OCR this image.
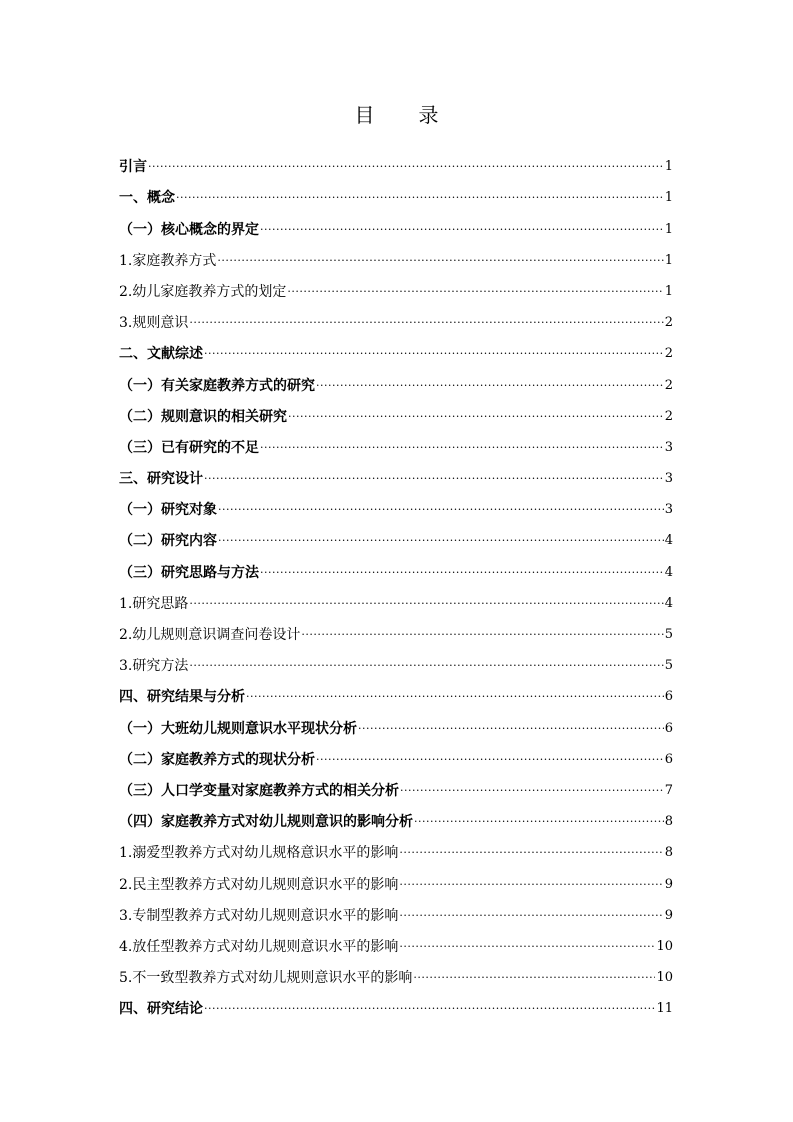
目 录
引言 ·····	1
一、概念 ·····	1
（一）核心概念的界定 ·····	1
1.家庭教养方式 ·····	1
2.幼儿家庭教养方式的划定 ·····	1
3.规则意识 ·····	2
二、文献综述 ·····	2
（一）有关家庭教养方式的研究 ·····	2
（二）规则意识的相关研究 ·····	2
（三）已有研究的不足 ·····	3
三、研究设计 ·····	3
（一）研究对象 ·····	3
（二）研究内容 ·····	4
（三）研究思路与方法 ·····	4
1.研究思路 ·····	4
2.幼儿规则意识调查问卷设计 ·····	5
3.研究方法 ·····	5
四、研究结果与分析 ·····	6
（一）大班幼儿规则意识水平现状分析 ·····	6
（二）家庭教养方式的现状分析 ·····	6
（三）人口学变量对家庭教养方式的相关分析 ·····	7
（四）家庭教养方式对幼儿规则意识的影响分析 ·····	8
1.溺爱型教养方式对幼儿规格意识水平的影响 ·····	8
2.民主型教养方式对幼儿规则意识水平的影响 ·····	9
3.专制型教养方式对幼儿规则意识水平的影响 ·····	9
4.放任型教养方式对幼儿规则意识水平的影响 ·····	10
5.不一致型教养方式对幼儿规则意识水平的影响 ·····	10
四、研究结论 ·····	11
